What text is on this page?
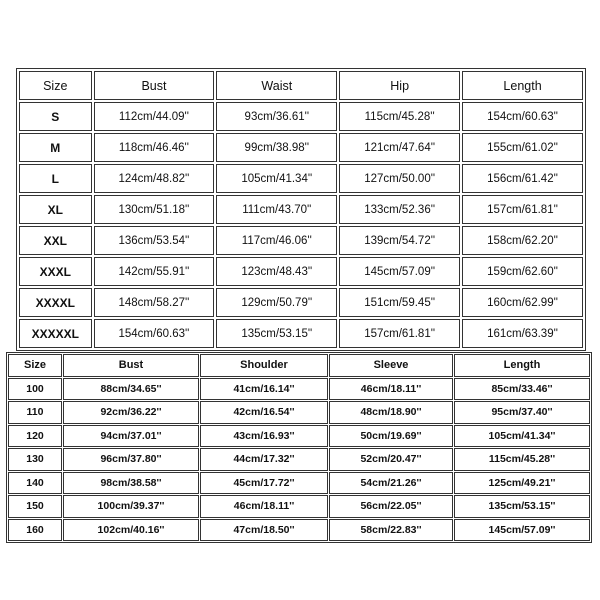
Size	Bust	Waist	Hip	Length
S	112cm/44.09''	93cm/36.61''	115cm/45.28''	154cm/60.63''
M	118cm/46.46''	99cm/38.98''	121cm/47.64''	155cm/61.02''
L	124cm/48.82''	105cm/41.34''	127cm/50.00''	156cm/61.42''
XL	130cm/51.18''	111cm/43.70''	133cm/52.36''	157cm/61.81''
XXL	136cm/53.54''	117cm/46.06''	139cm/54.72''	158cm/62.20''
XXXL	142cm/55.91''	123cm/48.43''	145cm/57.09''	159cm/62.60''
XXXXL	148cm/58.27''	129cm/50.79''	151cm/59.45''	160cm/62.99''
XXXXXL	154cm/60.63''	135cm/53.15''	157cm/61.81''	161cm/63.39''
Size	Bust	Shoulder	Sleeve	Length
100	88cm/34.65''	41cm/16.14''	46cm/18.11''	85cm/33.46''
110	92cm/36.22''	42cm/16.54''	48cm/18.90''	95cm/37.40''
120	94cm/37.01''	43cm/16.93''	50cm/19.69''	105cm/41.34''
130	96cm/37.80''	44cm/17.32''	52cm/20.47''	115cm/45.28''
140	98cm/38.58''	45cm/17.72''	54cm/21.26''	125cm/49.21''
150	100cm/39.37''	46cm/18.11''	56cm/22.05''	135cm/53.15''
160	102cm/40.16''	47cm/18.50''	58cm/22.83''	145cm/57.09''
